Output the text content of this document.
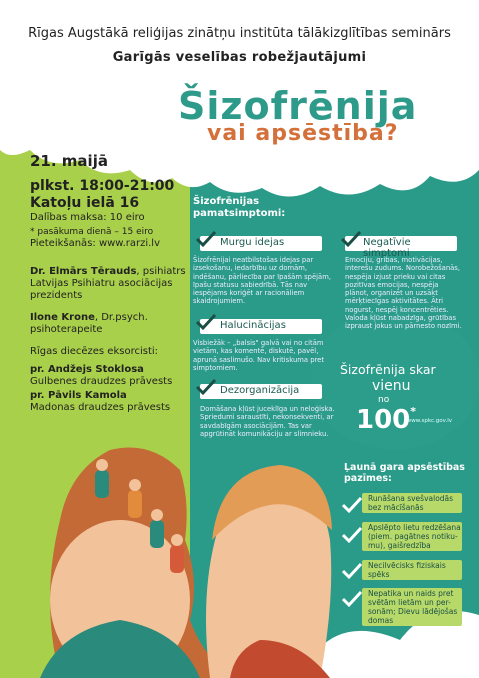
Rīgas Augstākā reliģijas zinātņu institūta tālākizglītības seminārs
Garīgās veselības robežjautājumi
Šizofrēnija
vai apsēstība?
21. maijā
plkst. 18:00-21:00
Katoļu ielā 16
Dalības maksa: 10 eiro
* pasākuma dienā – 15 eiro
Pieteikšanās: www.rarzi.lv
Dr. Elmārs Tērauds, psihiatrs
Latvijas Psihiatru asociācijas
prezidents
Ilone Krone, Dr.psych.
psihoterapeite
Rīgas diecēzes eksorcisti:
pr. Andžejs Stoklosa
Gulbenes draudzes prāvests
pr. Pāvils Kamola
Madonas draudzes prāvests
Šizofrēnijas
pamatsimptomi:
Murgu idejas
Šizofrēnijai neatbilstošas idejas par izsekošanu, iedarbību uz domām, indēšanu, pārliecība par īpašām spējām, īpašu statusu sabiedrībā. Tās nav iespējams koriģēt ar racionāliem skaidrojumiem.
Negatīvie simptomi
Emociju, gribas, motivācijas, interešu zudums. Norobežošanās, nespēja izjust prieku vai citas pozitīvas emocijas, nespēja plānot, organizēt un uzsākt mērķtiecīgas aktivitātes. Ātri nogurst, nespēj koncentrēties. Valoda kļūst nabadzīga, grūtības izpraust jokus un pārnesto nozīmi.
Halucinācijas
Visbiežāk – „balsis" galvā vai no citām vietām, kas komentē, diskutē, pavēl, aprunā saslimušo. Nav kritiskuma pret simptomiem.
Dezorganizācija
Domāšana kļūst juceklīga un neloģiska. Spriedumi saraustīti, nekonsekventi, ar savdabīgām asociācijām. Tas var apgrūtināt komunikāciju ar slimnieku.
Šizofrēnija skar
vienu
no
100*
*www.spkc.gov.lv
Ļaunā gara apsēstības
pazīmes:
Runāšana svešvalodās
bez mācīšanās
Apslēpto lietu redzēšana
(piem. pagātnes notiku-
mu), gaišredzība
Necilvēcisks fiziskais
spēks
Nepatika un naids pret
svētām lietām un per-
sonām; Dievu lādējošas
domas
